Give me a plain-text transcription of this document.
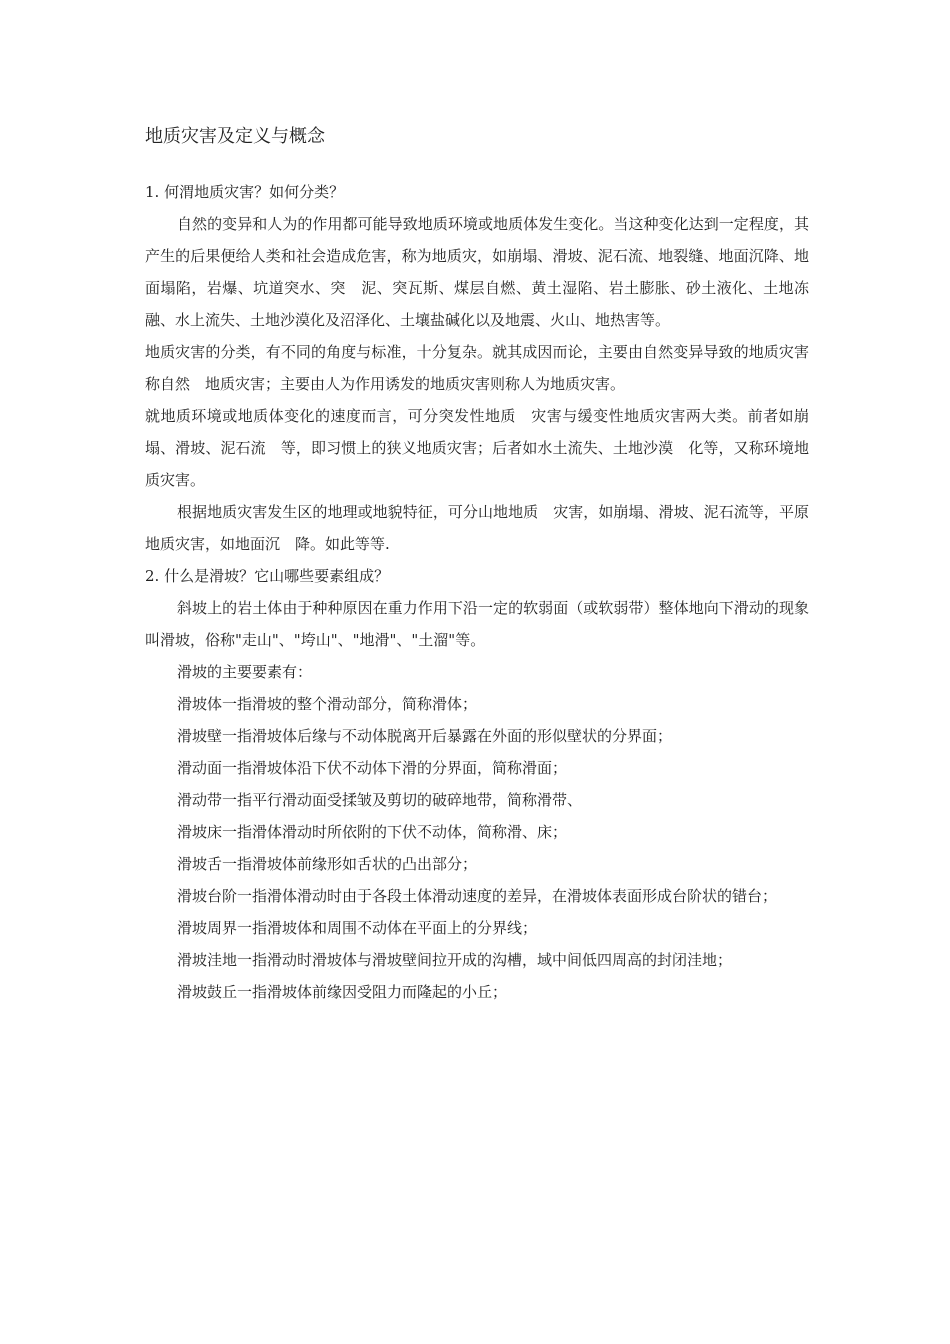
地质灾害及定义与概念

1. 何渭地质灾害？如何分类？

自然的变异和人为的作用都可能导致地质环境或地质体发生变化。当这种变化达到一定程度，其产生的后果便给人类和社会造成危害，称为地质灾，如崩塌、滑坡、泥石流、地裂缝、地面沉降、地面塌陷，岩爆、坑道突水、突　泥、突瓦斯、煤层自燃、黄土湿陷、岩土膨胀、砂土液化、土地冻融、水上流失、土地沙漠化及沼泽化、土壤盐碱化以及地震、火山、地热害等。

地质灾害的分类，有不同的角度与标准，十分复杂。就其成因而论，主要由自然变异导致的地质灾害称自然　地质灾害；主要由人为作用诱发的地质灾害则称人为地质灾害。

就地质环境或地质体变化的速度而言，可分突发性地质　灾害与缓变性地质灾害两大类。前者如崩塌、滑坡、泥石流　等，即习惯上的狭义地质灾害；后者如水土流失、土地沙漠　化等，又称环境地质灾害。

根据地质灾害发生区的地理或地貌特征，可分山地地质　灾害，如崩塌、滑坡、泥石流等，平原地质灾害，如地面沉　降。如此等等.

2. 什么是滑坡？它山哪些要素组成？

斜坡上的岩土体由于种种原因在重力作用下沿一定的软弱面（或软弱带）整体地向下滑动的现象叫滑坡，俗称"走山"、"垮山"、"地滑"、"土溜"等。

滑坡的主要要素有：

滑坡体一指滑坡的整个滑动部分，简称滑体；

滑坡壁一指滑坡体后缘与不动体脱离开后暴露在外面的形似壁状的分界面；

滑动面一指滑坡体沿下伏不动体下滑的分界面，简称滑面；

滑动带一指平行滑动面受揉皱及剪切的破碎地带，简称滑带、

滑坡床一指滑体滑动时所依附的下伏不动体，简称滑、床；

滑坡舌一指滑坡体前缘形如舌状的凸出部分；

滑坡台阶一指滑体滑动时由于各段土体滑动速度的差异，在滑坡体表面形成台阶状的错台；

滑坡周界一指滑坡体和周围不动体在平面上的分界线；

滑坡洼地一指滑动时滑坡体与滑坡壁间拉开成的沟槽，域中间低四周高的封闭洼地；

滑坡鼓丘一指滑坡体前缘因受阻力而隆起的小丘；
